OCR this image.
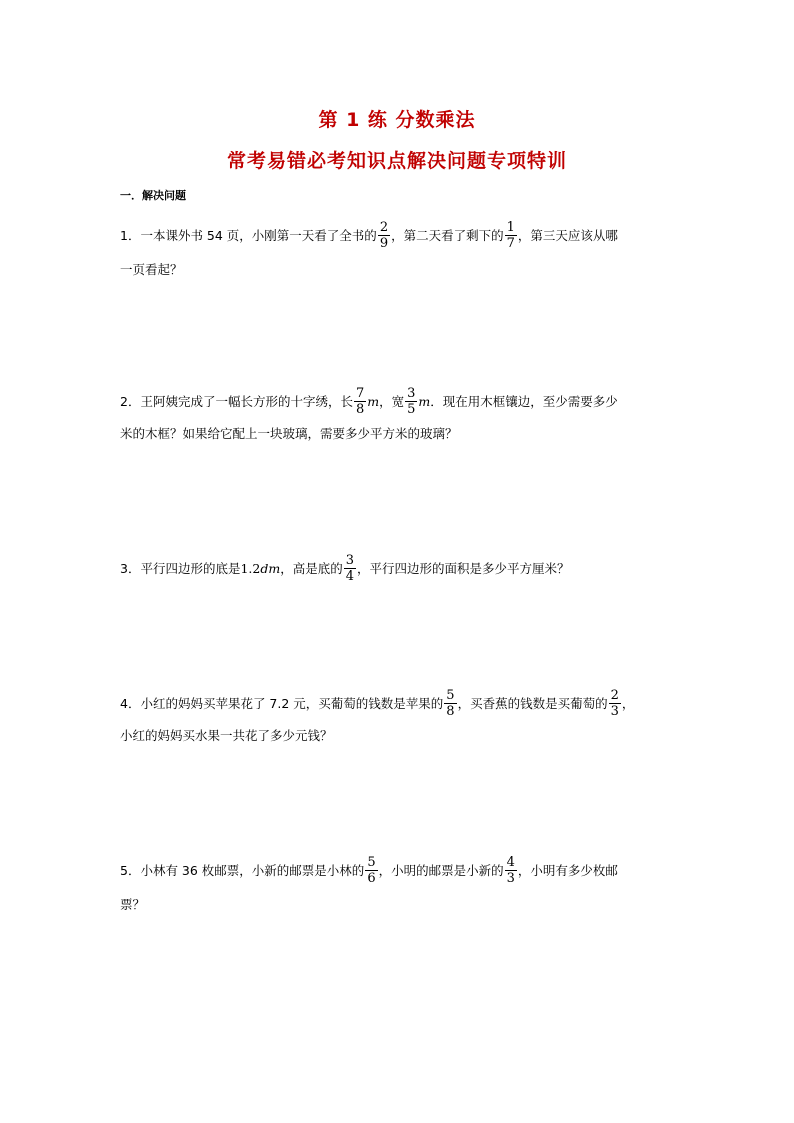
第 1 练 分数乘法
常考易错必考知识点解决问题专项特训
一．解决问题
1．一本课外书 54 页，小刚第一天看了全书的 $\frac{2}{9}$ ，第二天看了剩下的 $\frac{1}{7}$ ，第三天应该从哪
一页看起？
2．王阿姨完成了一幅长方形的十字绣，长 $\frac{7}{8}$ m，宽 $\frac{3}{5}$ m．现在用木框镶边，至少需要多少
米的木框？如果给它配上一块玻璃，需要多少平方米的玻璃？
3．平行四边形的底是1.2dm，高是底的 $\frac{3}{4}$ ，平行四边形的面积是多少平方厘米？
4．小红的妈妈买苹果花了 7.2 元，买葡萄的钱数是苹果的 $\frac{5}{8}$ ，买香蕉的钱数是买葡萄的 $\frac{2}{3}$ ，
小红的妈妈买水果一共花了多少元钱？
5．小林有 36 枚邮票，小新的邮票是小林的 $\frac{5}{6}$ ，小明的邮票是小新的 $\frac{4}{3}$ ，小明有多少枚邮
票？
